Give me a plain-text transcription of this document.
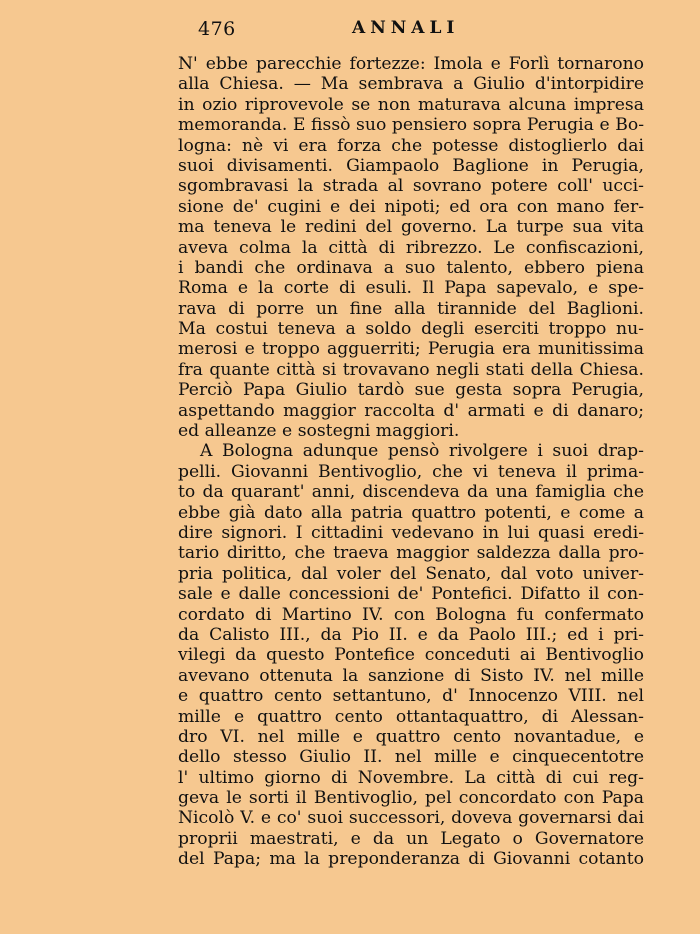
476	ANNALI
N' ebbe parecchie fortezze: Imola e Forlì tornarono
alla Chiesa. — Ma sembrava a Giulio d'intorpidire
in ozio riprovevole se non maturava alcuna impresa
memoranda. E fissò suo pensiero sopra Perugia e Bo-
logna: nè vi era forza che potesse distoglierlo dai
suoi divisamenti. Giampaolo Baglione in Perugia,
sgombravasi la strada al sovrano potere coll' ucci-
sione de' cugini e dei nipoti; ed ora con mano fer-
ma teneva le redini del governo. La turpe sua vita
aveva colma la città di ribrezzo. Le confiscazioni,
i bandi che ordinava a suo talento, ebbero piena
Roma e la corte di esuli. Il Papa sapevalo, e spe-
rava di porre un fine alla tirannide del Baglioni.
Ma costui teneva a soldo degli eserciti troppo nu-
merosi e troppo agguerriti; Perugia era munitissima
fra quante città si trovavano negli stati della Chiesa.
Perciò Papa Giulio tardò sue gesta sopra Perugia,
aspettando maggior raccolta d' armati e di danaro;
ed alleanze e sostegni maggiori.
A Bologna adunque pensò rivolgere i suoi drap-
pelli. Giovanni Bentivoglio, che vi teneva il prima-
to da quarant' anni, discendeva da una famiglia che
ebbe già dato alla patria quattro potenti, e come a
dire signori. I cittadini vedevano in lui quasi eredi-
tario diritto, che traeva maggior saldezza dalla pro-
pria politica, dal voler del Senato, dal voto univer-
sale e dalle concessioni de' Pontefici. Difatto il con-
cordato di Martino IV. con Bologna fu confermato
da Calisto III., da Pio II. e da Paolo III.; ed i pri-
vilegi da questo Pontefice conceduti ai Bentivoglio
avevano ottenuta la sanzione di Sisto IV. nel mille
e quattro cento settantuno, d' Innocenzo VIII. nel
mille e quattro cento ottantaquattro, di Alessan-
dro VI. nel mille e quattro cento novantadue, e
dello stesso Giulio II. nel mille e cinquecentotre
l' ultimo giorno di Novembre. La città di cui reg-
geva le sorti il Bentivoglio, pel concordato con Papa
Nicolò V. e co' suoi successori, doveva governarsi dai
proprii maestrati, e da un Legato o Governatore
del Papa; ma la preponderanza di Giovanni cotanto
